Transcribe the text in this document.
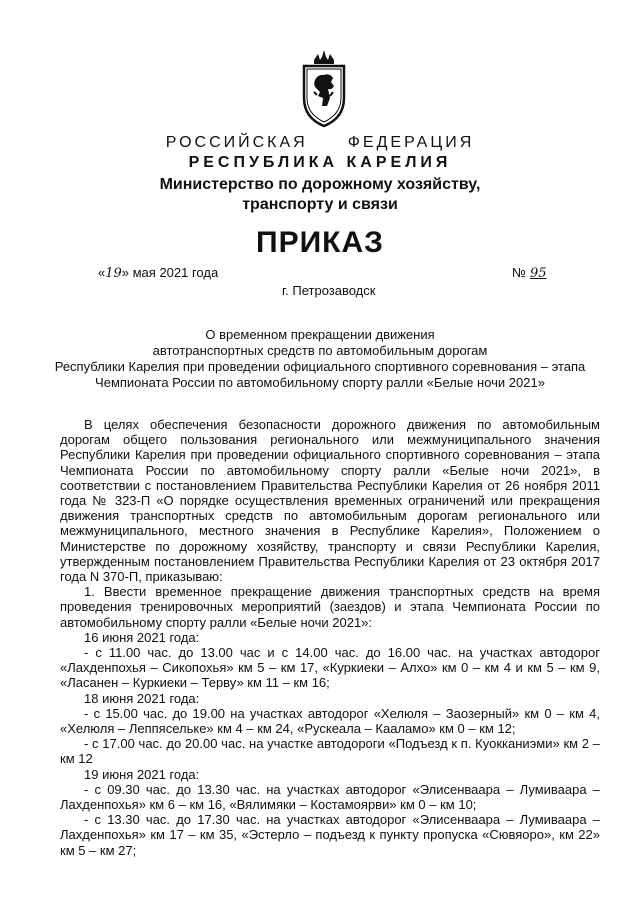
РОССИЙСКАЯ	ФЕДЕРАЦИЯ
РЕСПУБЛИКА КАРЕЛИЯ
Министерство по дорожному хозяйству,
транспорту и связи
ПРИКАЗ
«19» мая 2021 года	№ 95
г. Петрозаводск
О временном прекращении движения
автотранспортных средств по автомобильным дорогам
Республики Карелия при проведении официального спортивного соревнования – этапа
Чемпионата России по автомобильному спорту ралли «Белые ночи 2021»

В целях обеспечения безопасности дорожного движения по автомобильным дорогам общего пользования регионального или межмуниципального значения Республики Карелия при проведении официального спортивного соревнования – этапа Чемпионата России по автомобильному спорту ралли «Белые ночи 2021», в соответствии с постановлением Правительства Республики Карелия от 26 ноября 2011 года № 323-П «О порядке осуществления временных ограничений или прекращения движения транспортных средств по автомобильным дорогам регионального или межмуниципального, местного значения в Республике Карелия», Положением о Министерстве по дорожному хозяйству, транспорту и связи Республики Карелия, утвержденным постановлением Правительства Республики Карелия от 23 октября 2017 года N 370-П, приказываю:

1. Ввести временное прекращение движения транспортных средств на время проведения тренировочных мероприятий (заездов) и этапа Чемпионата России по автомобильному спорту ралли «Белые ночи 2021»:

16 июня 2021 года:

- с 11.00 час. до 13.00 час и с 14.00 час. до 16.00 час. на участках автодорог «Лахденпохья – Сикопохья» км 5 – км 17, «Куркиеки – Алхо» км 0 – км 4 и км 5 – км 9, «Ласанен – Куркиеки – Терву» км 11 – км 16;

18 июня 2021 года:

- с 15.00 час. до 19.00 на участках автодорог «Хелюля – Заозерный» км 0 – км 4, «Хелюля – Леппясельке» км 4 – км 24, «Рускеала – Кааламо» км 0 – км 12;

- с 17.00 час. до 20.00 час. на участке автодороги «Подъезд к п. Куокканиэми» км 2 – км 12

19 июня 2021 года:

- с 09.30 час. до 13.30 час. на участках автодорог «Элисенваара – Лумиваара – Лахденпохья» км 6 – км 16, «Вялимяки – Костамоярви» км 0 – км 10;

- с 13.30 час. до 17.30 час. на участках автодорог «Элисенваара – Лумиваара – Лахденпохья» км 17 – км 35, «Эстерло – подъезд к пункту пропуска «Сювяоро», км 22» км 5 – км 27;
